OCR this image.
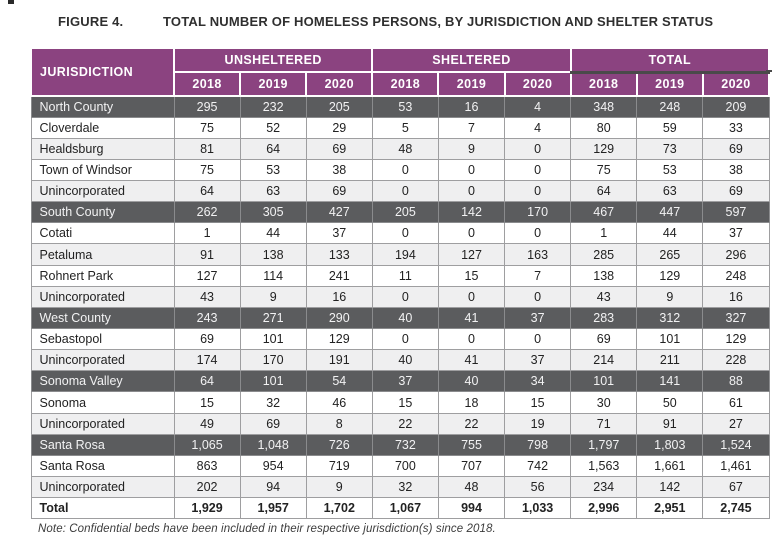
FIGURE 4.	TOTAL NUMBER OF HOMELESS PERSONS, BY JURISDICTION AND SHELTER STATUS
JURISDICTION	UNSHELTERED			SHELTERED			TOTAL		
	2018	2019	2020	2018	2019	2020	2018	2019	2020
North County	295	232	205	53	16	4	348	248	209
Cloverdale	75	52	29	5	7	4	80	59	33
Healdsburg	81	64	69	48	9	0	129	73	69
Town of Windsor	75	53	38	0	0	0	75	53	38
Unincorporated	64	63	69	0	0	0	64	63	69
South County	262	305	427	205	142	170	467	447	597
Cotati	1	44	37	0	0	0	1	44	37
Petaluma	91	138	133	194	127	163	285	265	296
Rohnert Park	127	114	241	11	15	7	138	129	248
Unincorporated	43	9	16	0	0	0	43	9	16
West County	243	271	290	40	41	37	283	312	327
Sebastopol	69	101	129	0	0	0	69	101	129
Unincorporated	174	170	191	40	41	37	214	211	228
Sonoma Valley	64	101	54	37	40	34	101	141	88
Sonoma	15	32	46	15	18	15	30	50	61
Unincorporated	49	69	8	22	22	19	71	91	27
Santa Rosa	1,065	1,048	726	732	755	798	1,797	1,803	1,524
Santa Rosa	863	954	719	700	707	742	1,563	1,661	1,461
Unincorporated	202	94	9	32	48	56	234	142	67
Total	1,929	1,957	1,702	1,067	994	1,033	2,996	2,951	2,745
Note: Confidential beds have been included in their respective jurisdiction(s) since 2018.
